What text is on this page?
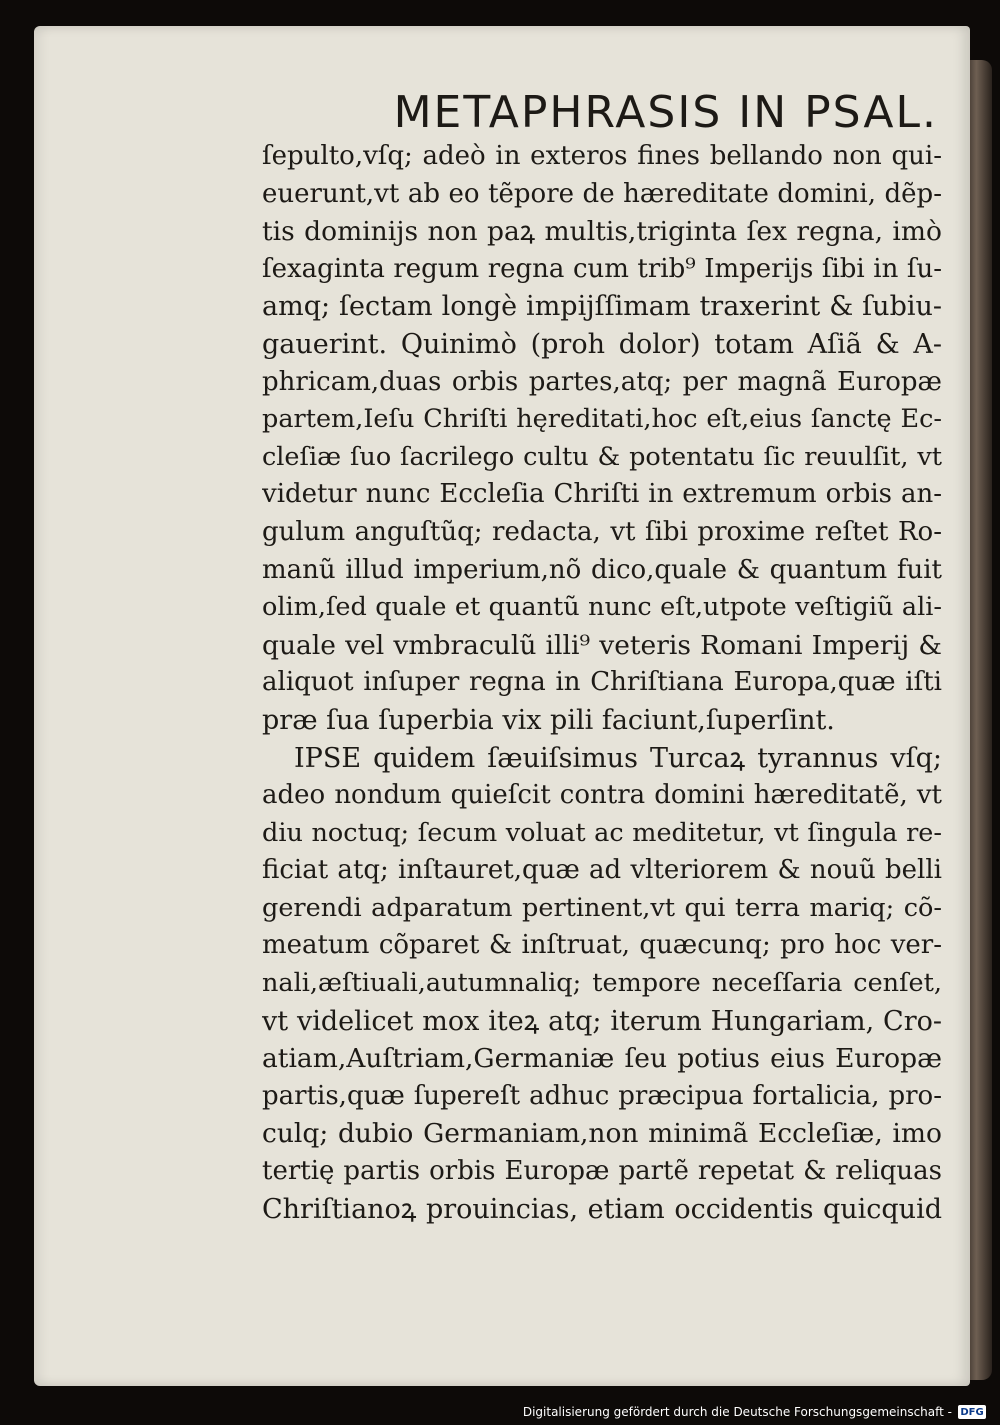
METAPHRASIS IN PSAL.
ſepulto,vſq; adeò in exteros fines bellando non qui-
euerunt,vt ab eo tẽpore de hæreditate domini, dẽp-
tis dominijs non paꝝ multis,triginta ſex regna, imò
ſexaginta regum regna cum trib⁹ Imperijs ſibi in ſu-
amq; ſectam longè impijſſimam traxerint & ſubiu-
gauerint. Quinimò (proh dolor) totam Aſiã & A-
phricam,duas orbis partes,atq; per magnã Europæ
partem,Ieſu Chriſti hęreditati,hoc eſt,eius ſanctę Ec-
cleſiæ ſuo ſacrilego cultu & potentatu ſic reuulſit, vt
videtur nunc Eccleſia Chriſti in extremum orbis an-
gulum anguſtũq; redacta, vt ſibi proxime reſtet Ro-
manũ illud imperium,nõ dico,quale & quantum fuit
olim,ſed quale et quantũ nunc eſt,utpote veſtigiũ ali-
quale vel vmbraculũ illi⁹ veteris Romani Imperij &
aliquot inſuper regna in Chriſtiana Europa,quæ iſti
præ ſua ſuperbia vix pili faciunt,ſuperſint.
IPSE quidem ſæuiſsimus Turcaꝝ tyrannus vſq;
adeo nondum quieſcit contra domini hæreditatẽ, vt
diu noctuq; ſecum voluat ac meditetur, vt ſingula re-
ficiat atq; inſtauret,quæ ad vlteriorem & nouũ belli
gerendi adparatum pertinent,vt qui terra mariq; cõ-
meatum cõparet & inſtruat, quæcunq; pro hoc ver-
nali,æſtiuali,autumnaliq; tempore neceſſaria cenſet,
vt videlicet mox iteꝝ atq; iterum Hungariam, Cro-
atiam,Auſtriam,Germaniæ ſeu potius eius Europæ
partis,quæ ſupereſt adhuc præcipua fortalicia, pro-
culq; dubio Germaniam,non minimã Eccleſiæ, imo
tertię partis orbis Europæ partẽ repetat & reliquas
Chriſtianoꝝ prouincias, etiam occidentis quicquid
Digitalisierung gefördert durch die Deutsche Forschungsgemeinschaft - DFG
